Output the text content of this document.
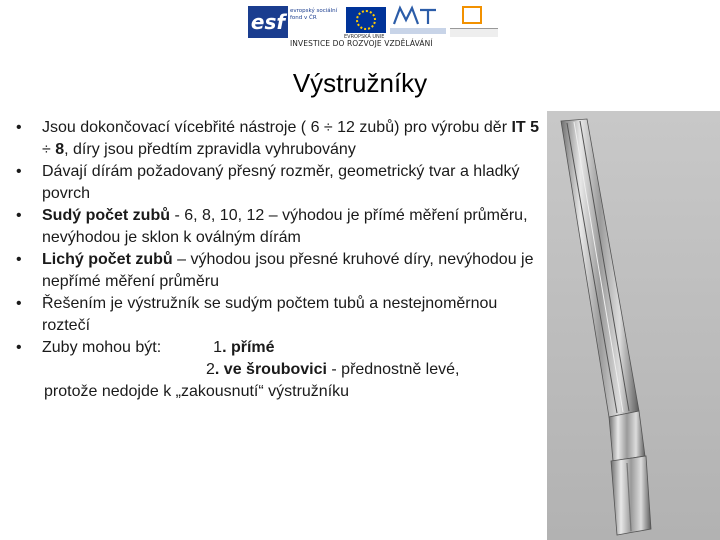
esf evropský sociální fond v ČR
EVROPSKÁ UNIE
INVESTICE DO ROZVOJE VZDĚLÁVÁNÍ
Výstružníky
• Jsou dokončovací vícebřité nástroje ( 6 ÷ 12 zubů) pro výrobu děr IT 5 ÷ 8, díry jsou předtím zpravidla vyhrubovány
• Dávají dírám požadovaný přesný rozměr, geometrický tvar a hladký povrch
• Sudý počet zubů - 6, 8, 10, 12 – výhodou je přímé měření průměru, nevýhodou je sklon k oválným dírám
• Lichý počet zubů – výhodou jsou přesné kruhové díry, nevýhodou je nepřímé měření průměru
• Řešením je výstružník se sudým počtem tubů a nestejnoměrnou roztečí
• Zuby mohou být:	1. přímé
2. ve šroubovici - přednostně levé,
protože nedojde k „zakousnutí“ výstružníku
